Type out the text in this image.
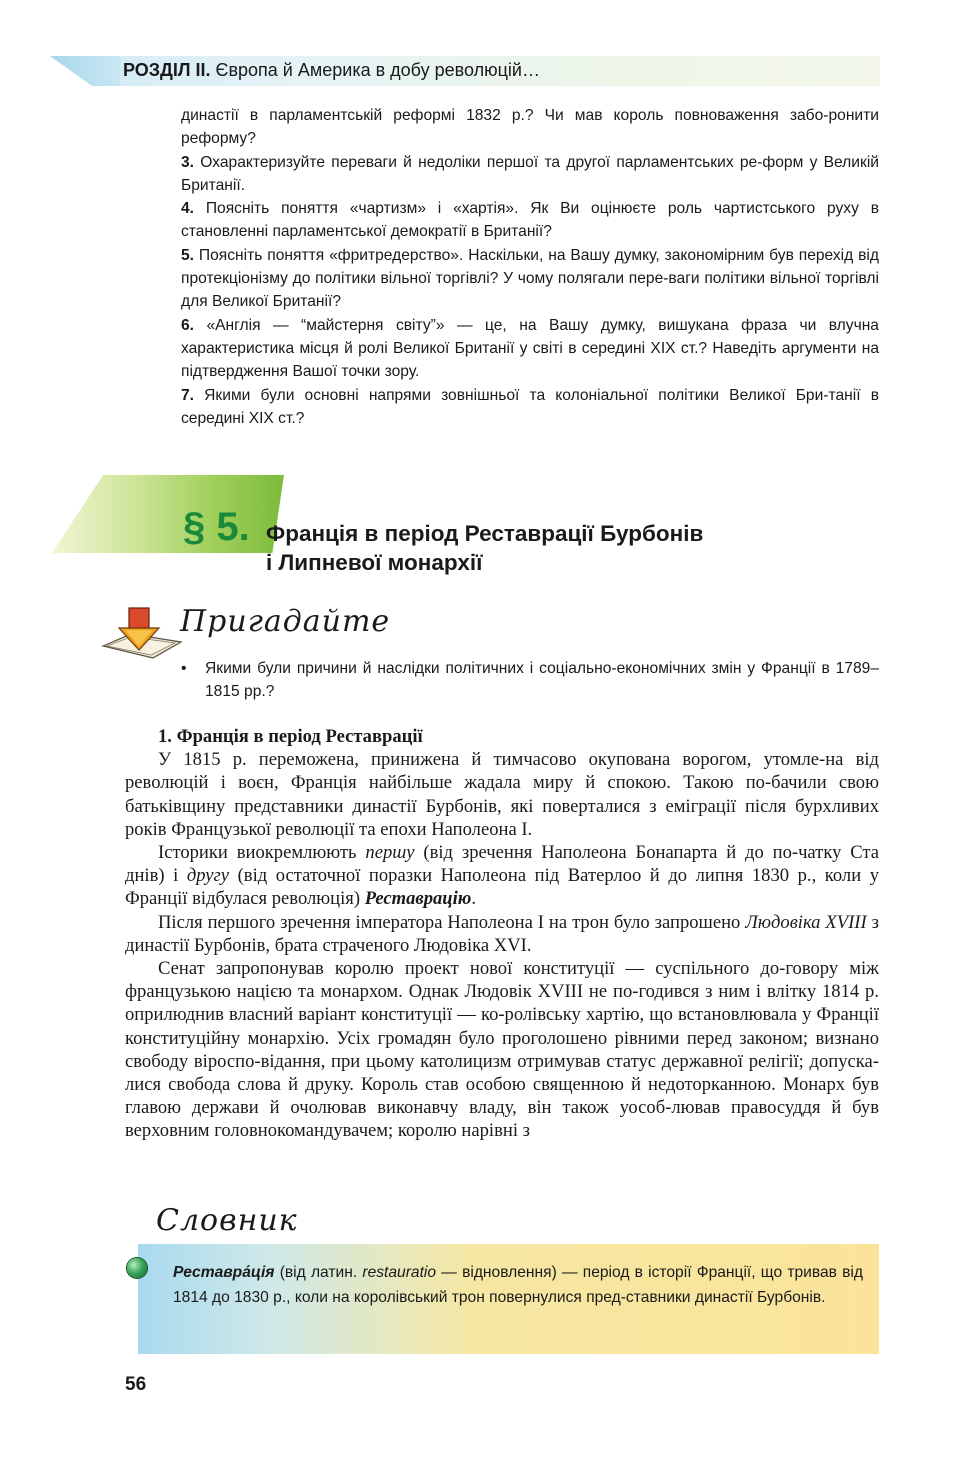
РОЗДІЛ ІІ. Європа й Америка в добу революцій…

династії в парламентській реформі 1832 р.? Чи мав король повноваження забо-ронити реформу?

3. Охарактеризуйте переваги й недоліки першої та другої парламентських ре-форм у Великій Британії.

4. Поясніть поняття «чартизм» і «хартія». Як Ви оцінюєте роль чартистського руху в становленні парламентської демократії в Британії?

5. Поясніть поняття «фритредерство». Наскільки, на Вашу думку, закономірним був перехід від протекціонізму до політики вільної торгівлі? У чому полягали пере-ваги політики вільної торгівлі для Великої Британії?

6. «Англія — “майстерня світу”» — це, на Вашу думку, вишукана фраза чи влучна характеристика місця й ролі Великої Британії у світі в середині ХІХ ст.? Наведіть аргументи на підтвердження Вашої точки зору.

7. Якими були основні напрями зовнішньої та колоніальної політики Великої Бри-танії в середині ХІХ ст.?

§ 5. Франція в період Реставрації Бурбонів
і Липневої монархії
Пригадайте
• Якими були причини й наслідки політичних і соціально-економічних змін у Франції в 1789–1815 рр.?

1. Франція в період Реставрації

У 1815 р. переможена, принижена й тимчасово окупована ворогом, утомле-на від революцій і воєн, Франція найбільше жадала миру й спокою. Такою по-бачили свою батьківщину представники династії Бурбонів, які поверталися з еміграції після бурхливих років Французької революції та епохи Наполеона I.

Історики виокремлюють першу (від зречення Наполеона Бонапарта й до по-чатку Ста днів) і другу (від остаточної поразки Наполеона під Ватерлоо й до липня 1830 р., коли у Франції відбулася революція) Реставрацію.

Після першого зречення імператора Наполеона I на трон було запрошено Людовіка XVIII з династії Бурбонів, брата страченого Людовіка XVI.

Сенат запропонував королю проект нової конституції — суспільного до-говору між французькою нацією та монархом. Однак Людовік XVIII не по-годився з ним і влітку 1814 р. оприлюднив власний варіант конституції — ко-ролівську хартію, що встановлювала у Франції конституційну монархію. Усіх громадян було проголошено рівними перед законом; визнано свободу віроспо-відання, при цьому католицизм отримував статус державної релігії; допуска-лися свобода слова й друку. Король став особою священною й недоторканною. Монарх був главою держави й очолював виконавчу владу, він також уособ-лював правосуддя й був верховним головнокомандувачем; королю нарівні з

Словник
Реставра́ція (від латин. restauratio — відновлення) — період в історії Франції, що тривав від 1814 до 1830 р., коли на королівський трон повернулися пред-ставники династії Бурбонів.
56
